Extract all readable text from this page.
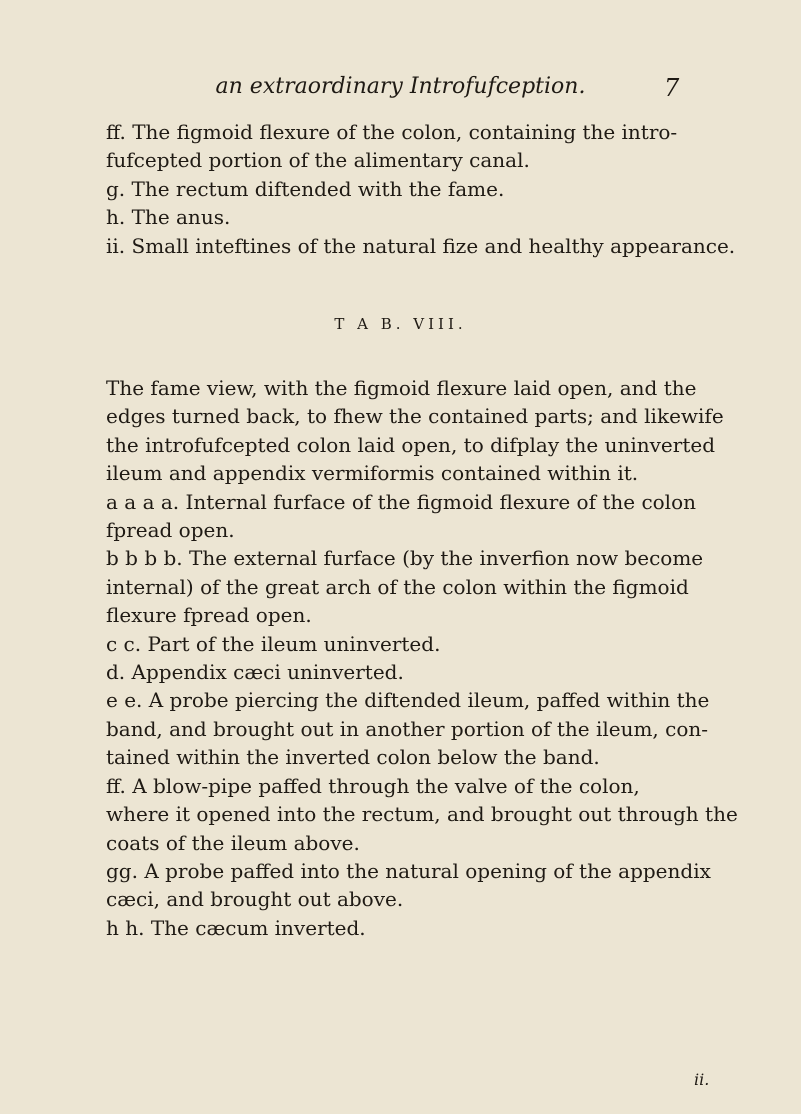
an extraordinary Introfufception.	7
ff. The figmoid flexure of the colon, containing the intro-
fufcepted portion of the alimentary canal.
g. The rectum diftended with the fame.
h. The anus.
ii. Small inteftines of the natural fize and healthy appearance.
T A B. VIII.
The fame view, with the figmoid flexure laid open, and the
edges turned back, to fhew the contained parts; and likewife
the introfufcepted colon laid open, to difplay the uninverted
ileum and appendix vermiformis contained within it.
a a a a. Internal furface of the figmoid flexure of the colon
fpread open.
b b b b. The external furface (by the inverfion now become
internal) of the great arch of the colon within the figmoid
flexure fpread open.
c c. Part of the ileum uninverted.
d. Appendix cæci uninverted.
e e. A probe piercing the diftended ileum, paffed within the
band, and brought out in another portion of the ileum, con-
tained within the inverted colon below the band.
ff. A blow-pipe paffed through the valve of the colon,
where it opened into the rectum, and brought out through the
coats of the ileum above.
gg. A probe paffed into the natural opening of the appendix
cæci, and brought out above.
h h. The cæcum inverted.
ii.
